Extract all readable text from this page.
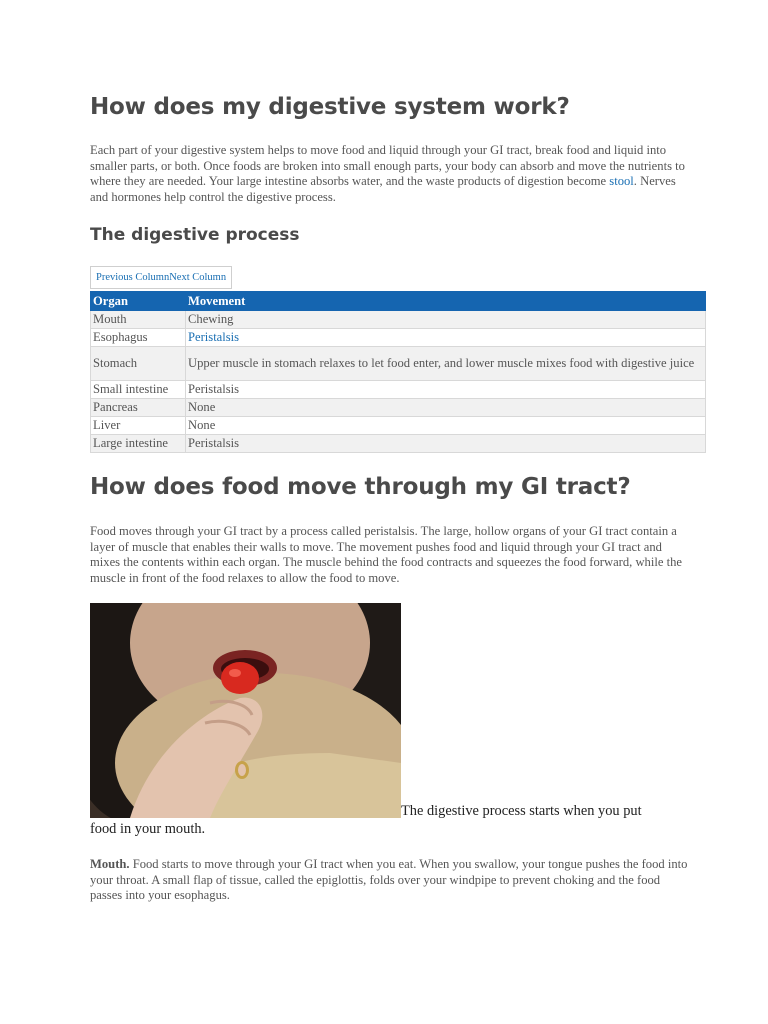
How does my digestive system work?

Each part of your digestive system helps to move food and liquid through your GI tract, break food and liquid into smaller parts, or both. Once foods are broken into small enough parts, your body can absorb and move the nutrients to where they are needed. Your large intestine absorbs water, and the waste products of digestion become stool. Nerves and hormones help control the digestive process.

The digestive process
Previous ColumnNext Column
Organ	Movement
Mouth	Chewing
Esophagus	Peristalsis
Stomach	Upper muscle in stomach relaxes to let food enter, and lower muscle mixes food with digestive juice
Small intestine	Peristalsis
Pancreas	None
Liver	None
Large intestine	Peristalsis
How does food move through my GI tract?

Food moves through your GI tract by a process called peristalsis. The large, hollow organs of your GI tract contain a layer of muscle that enables their walls to move. The movement pushes food and liquid through your GI tract and mixes the contents within each organ. The muscle behind the food contracts and squeezes the food forward, while the muscle in front of the food relaxes to allow the food to move.

The digestive process starts when you put food in your mouth.

Mouth. Food starts to move through your GI tract when you eat. When you swallow, your tongue pushes the food into your throat. A small flap of tissue, called the epiglottis, folds over your windpipe to prevent choking and the food passes into your esophagus.
